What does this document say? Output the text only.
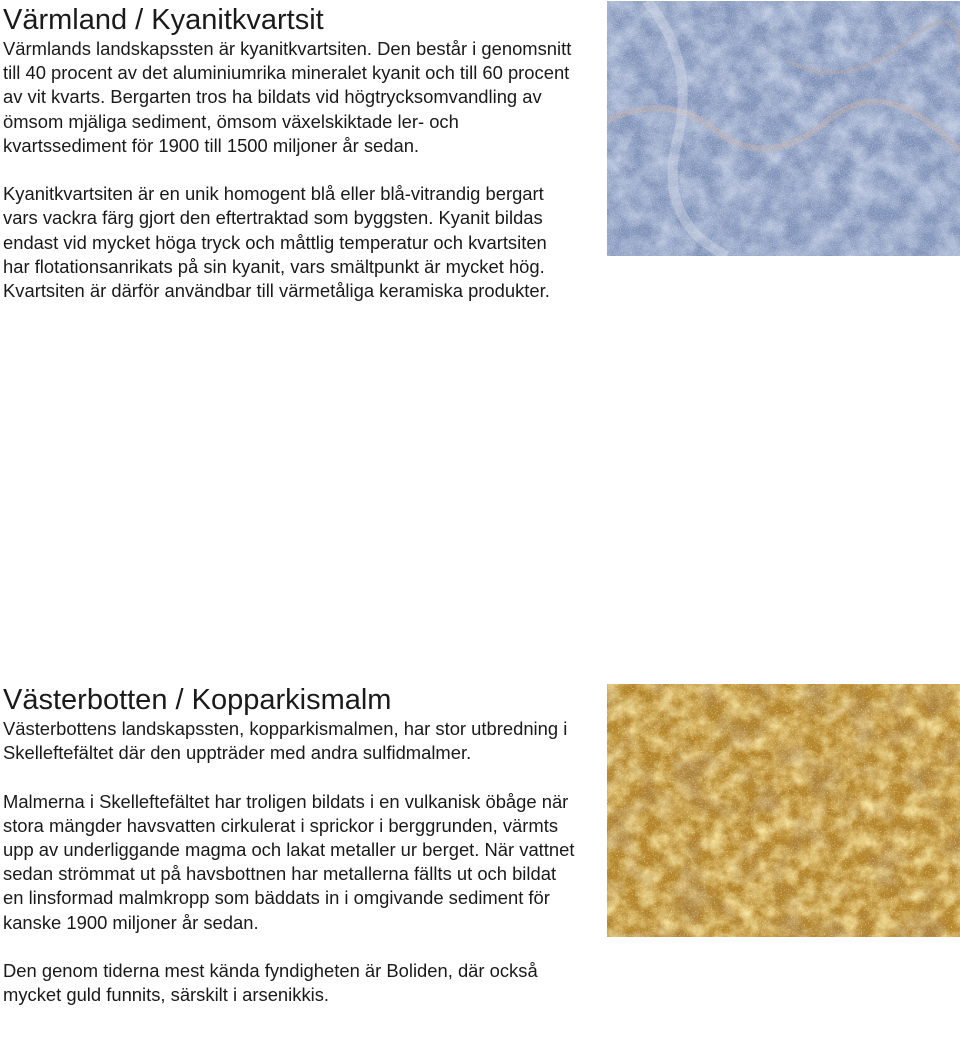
Värmland / Kyanitkvartsit

Värmlands landskapssten är kyanitkvartsiten. Den består i genomsnitt till 40 procent av det aluminiumrika mineralet kyanit och till 60 procent av vit kvarts. Bergarten tros ha bildats vid högtrycksomvandling av ömsom mjäliga sediment, ömsom växelskiktade ler- och kvartssediment för 1900 till 1500 miljoner år sedan.

Kyanitkvartsiten är en unik homogent blå eller blå-vitrandig bergart vars vackra färg gjort den eftertraktad som byggsten. Kyanit bildas endast vid mycket höga tryck och måttlig temperatur och kvartsiten har flotationsanrikats på sin kyanit, vars smältpunkt är mycket hög. Kvartsiten är därför användbar till värmetåliga keramiska produkter.

Västerbotten / Kopparkismalm

Västerbottens landskapssten, kopparkismalmen, har stor utbredning i Skelleftefältet där den uppträder med andra sulfidmalmer.

Malmerna i Skelleftefältet har troligen bildats i en vulkanisk öbåge när stora mängder havsvatten cirkulerat i sprickor i berggrunden, värmts upp av underliggande magma och lakat metaller ur berget. När vattnet sedan strömmat ut på havsbottnen har metallerna fällts ut och bildat en linsformad malmkropp som bäddats in i omgivande sediment för kanske 1900 miljoner år sedan.

Den genom tiderna mest kända fyndigheten är Boliden, där också mycket guld funnits, särskilt i arsenikkis.
